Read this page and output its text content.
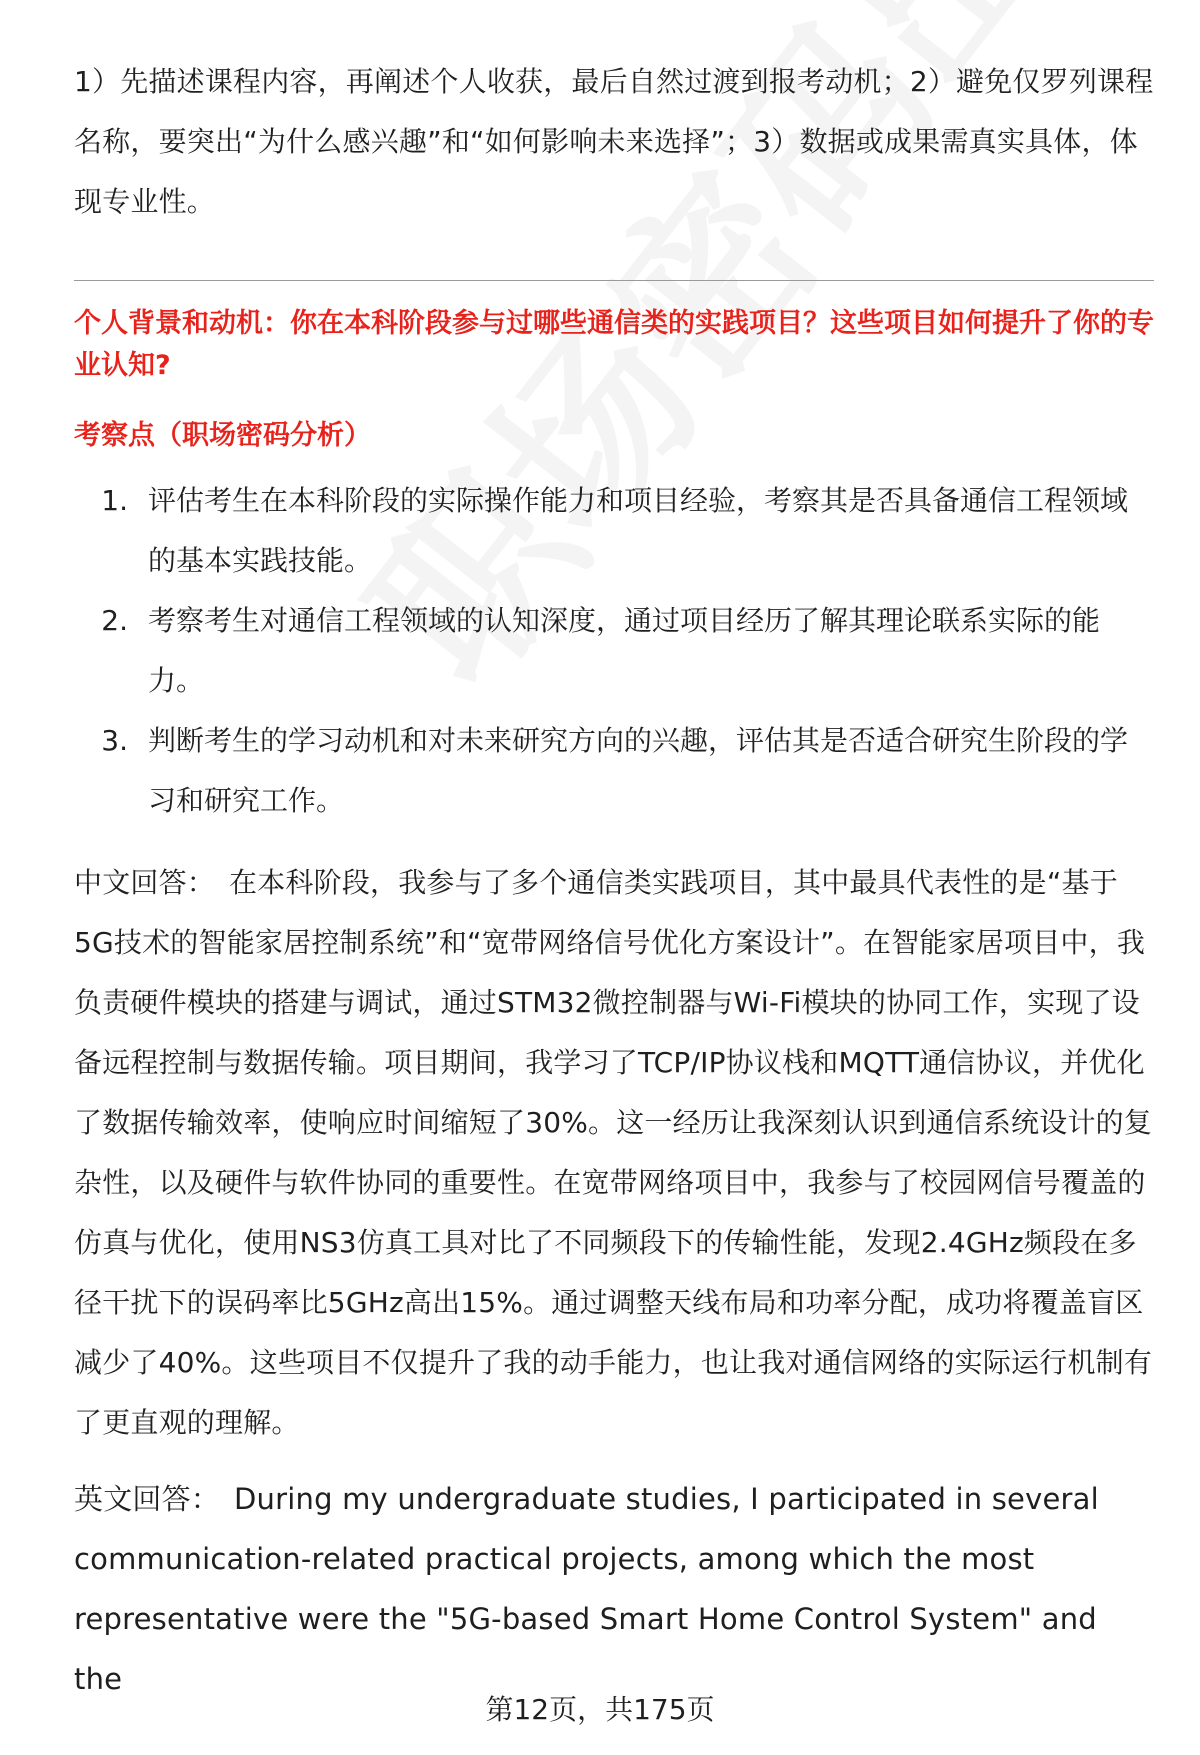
1）先描述课程内容，再阐述个人收获，最后自然过渡到报考动机；2）避免仅罗列课程名称，要突出“为什么感兴趣”和“如何影响未来选择”；3）数据或成果需真实具体，体现专业性。

个人背景和动机：你在本科阶段参与过哪些通信类的实践项目？这些项目如何提升了你的专业认知?

考察点（职场密码分析）

1. 评估考生在本科阶段的实际操作能力和项目经验，考察其是否具备通信工程领域的基本实践技能。
2. 考察考生对通信工程领域的认知深度，通过项目经历了解其理论联系实际的能力。
3. 判断考生的学习动机和对未来研究方向的兴趣，评估其是否适合研究生阶段的学习和研究工作。

中文回答： 在本科阶段，我参与了多个通信类实践项目，其中最具代表性的是“基于5G技术的智能家居控制系统”和“宽带网络信号优化方案设计”。在智能家居项目中，我负责硬件模块的搭建与调试，通过STM32微控制器与Wi-Fi模块的协同工作，实现了设备远程控制与数据传输。项目期间，我学习了TCP/IP协议栈和MQTT通信协议，并优化了数据传输效率，使响应时间缩短了30%。这一经历让我深刻认识到通信系统设计的复杂性，以及硬件与软件协同的重要性。在宽带网络项目中，我参与了校园网信号覆盖的仿真与优化，使用NS3仿真工具对比了不同频段下的传输性能，发现2.4GHz频段在多径干扰下的误码率比5GHz高出15%。通过调整天线布局和功率分配，成功将覆盖盲区减少了40%。这些项目不仅提升了我的动手能力，也让我对通信网络的实际运行机制有了更直观的理解。

英文回答： During my undergraduate studies, I participated in several communication-related practical projects, among which the most representative were the "5G-based Smart Home Control System" and the

第12页，共175页
